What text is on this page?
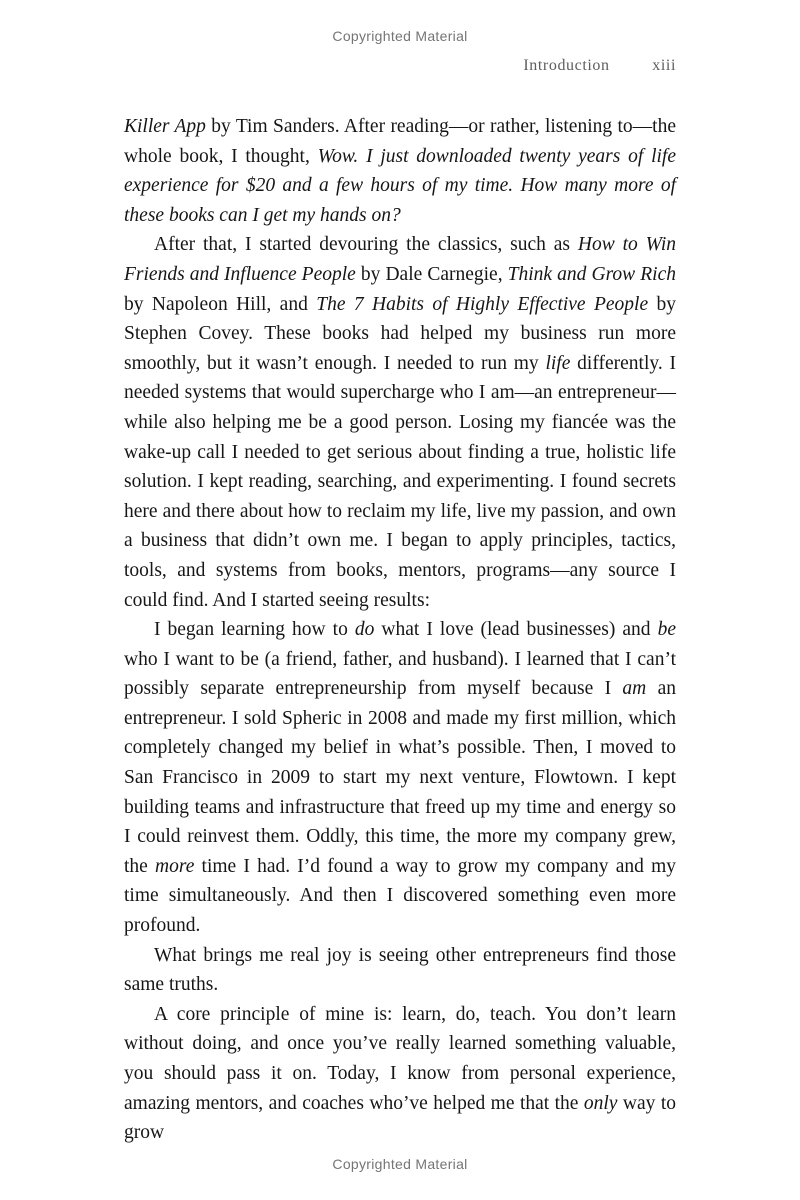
Copyrighted Material
Introduction	xiii

Killer App by Tim Sanders. After reading—or rather, listening to—the whole book, I thought, Wow. I just downloaded twenty years of life experience for $20 and a few hours of my time. How many more of these books can I get my hands on?

After that, I started devouring the classics, such as How to Win Friends and Influence People by Dale Carnegie, Think and Grow Rich by Napoleon Hill, and The 7 Habits of Highly Effective People by Stephen Covey. These books had helped my business run more smoothly, but it wasn’t enough. I needed to run my life differently. I needed systems that would supercharge who I am—an entrepreneur—while also helping me be a good person. Losing my fiancée was the wake-up call I needed to get serious about finding a true, holistic life solution. I kept reading, searching, and experimenting. I found secrets here and there about how to reclaim my life, live my passion, and own a business that didn’t own me. I began to apply principles, tactics, tools, and systems from books, mentors, programs—any source I could find. And I started seeing results:

I began learning how to do what I love (lead businesses) and be who I want to be (a friend, father, and husband). I learned that I can’t possibly separate entrepreneurship from myself because I am an entrepreneur. I sold Spheric in 2008 and made my first million, which completely changed my belief in what’s possible. Then, I moved to San Francisco in 2009 to start my next venture, Flowtown. I kept building teams and infrastructure that freed up my time and energy so I could reinvest them. Oddly, this time, the more my company grew, the more time I had. I’d found a way to grow my company and my time simultaneously. And then I discovered something even more profound.

What brings me real joy is seeing other entrepreneurs find those same truths.

A core principle of mine is: learn, do, teach. You don’t learn without doing, and once you’ve really learned something valuable, you should pass it on. Today, I know from personal experience, amazing mentors, and coaches who’ve helped me that the only way to grow

Copyrighted Material
